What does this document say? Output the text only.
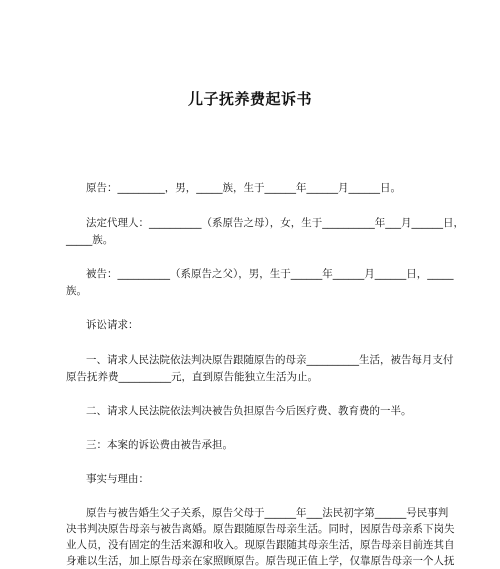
儿子抚养费起诉书
原告：_________，男，_____族，生于______年______月______日。
法定代理人：__________（系原告之母），女，生于__________年___月______日，
_____族。
被告：__________（系原告之父），男，生于______年______月______日，_____
族。
诉讼请求：
一、请求人民法院依法判决原告跟随原告的母亲__________生活，被告每月支付
原告抚养费__________元，直到原告能独立生活为止。
二、请求人民法院依法判决被告负担原告今后医疗费、教育费的一半。
三：本案的诉讼费由被告承担。
事实与理由：
原告与被告婚生父子关系，原告父母于______年___法民初字第______号民事判
决书判决原告母亲与被告离婚。原告跟随原告母亲生活。同时，因原告母亲系下岗失
业人员，没有固定的生活来源和收入。现原告跟随其母亲生活，原告母亲目前连其自
身难以生活，加上原告母亲在家照顾原告。原告现正值上学，仅靠原告母亲一个人抚
